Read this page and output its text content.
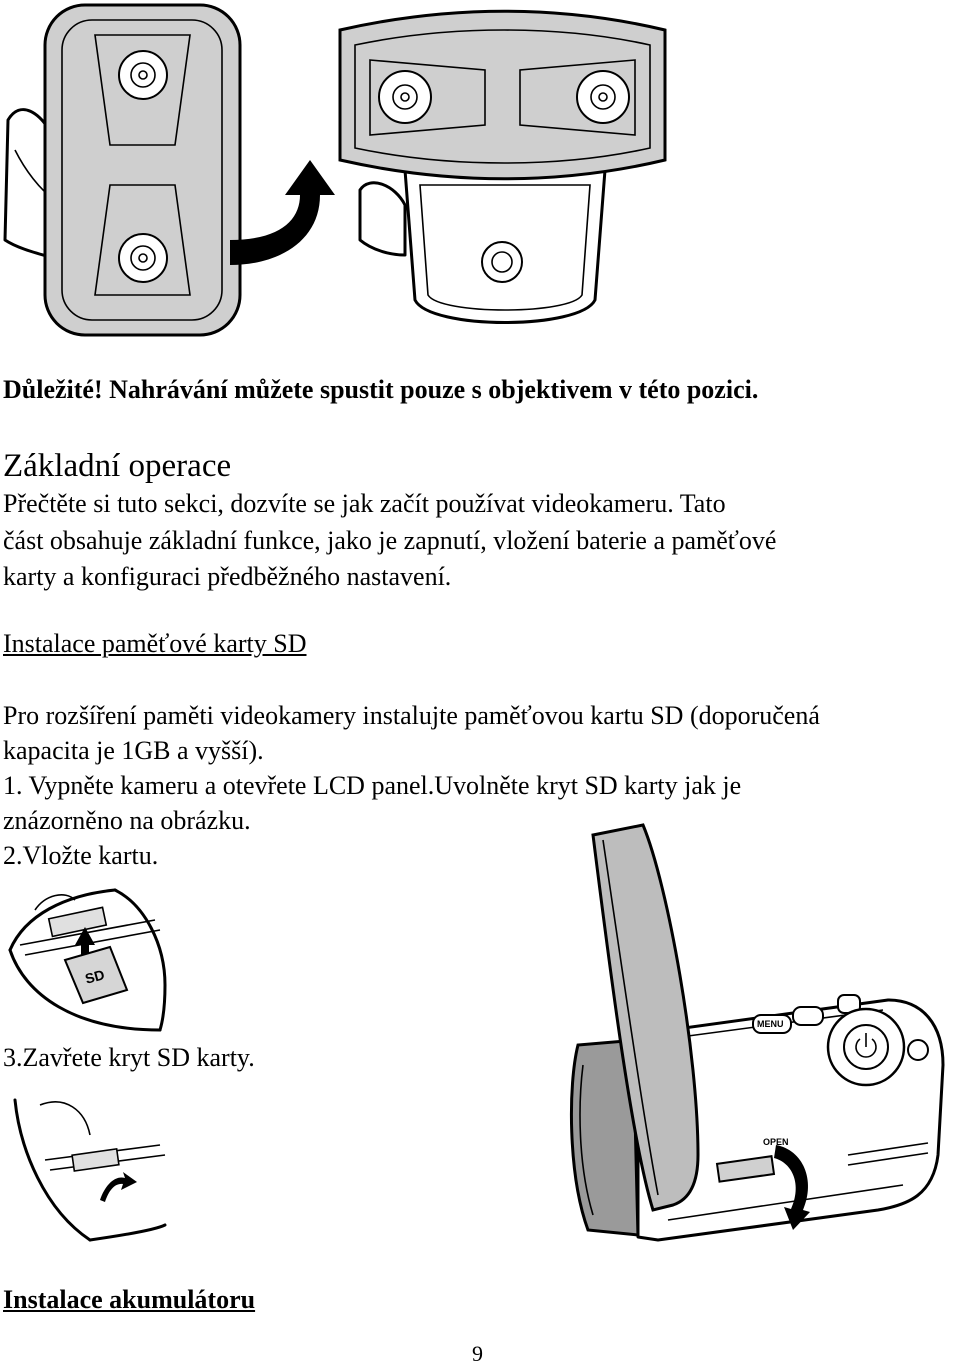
Důležité! Nahrávání můžete spustit pouze s objektivem v této pozici.
Základní operace
Přečtěte si tuto sekci, dozvíte se jak začít používat videokameru. Tato
část obsahuje základní funkce, jako je zapnutí, vložení baterie a paměťové
karty a konfiguraci předběžného nastavení.
Instalace paměťové karty SD
Pro rozšíření paměti videokamery instalujte paměťovou kartu SD (doporučená
kapacita je 1GB a vyšší).
1. Vypněte kameru a otevřete LCD panel.Uvolněte kryt SD karty jak je
znázorněno na obrázku.
2.Vložte kartu.
SD
3.Zavřete kryt SD karty.
MENU
OPEN
Instalace akumulátoru
9
